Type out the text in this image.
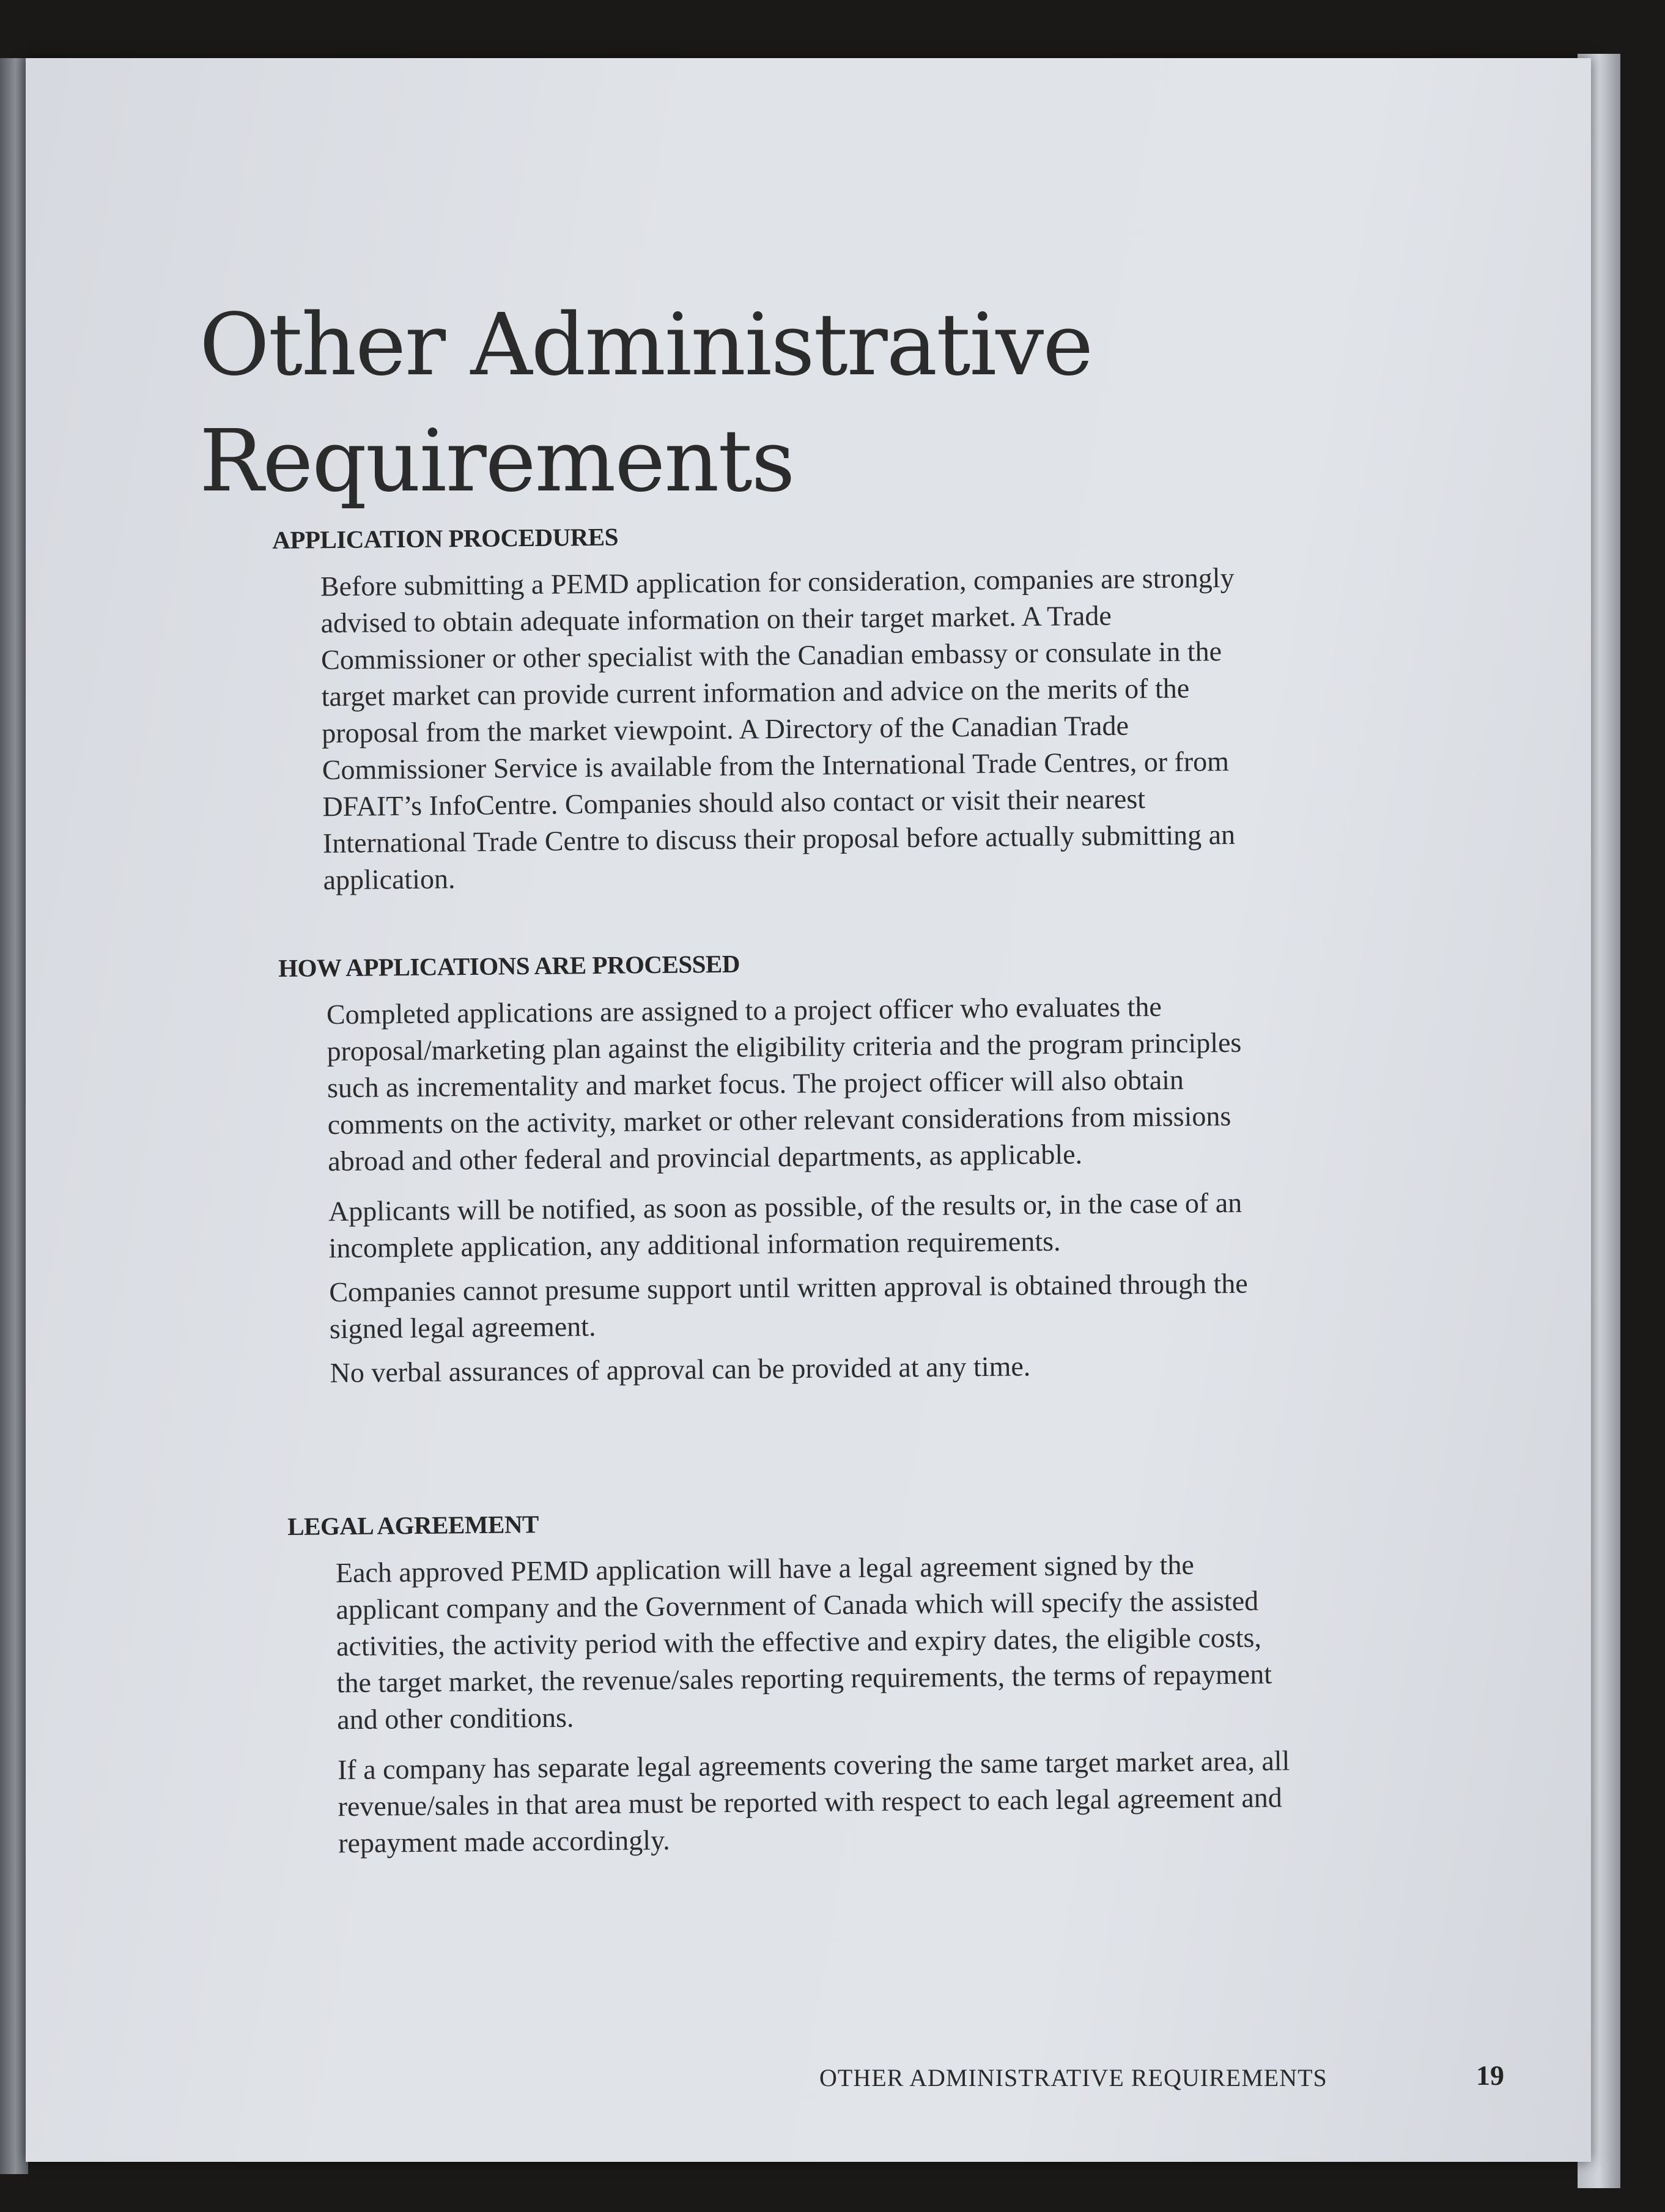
Other Administrative
Requirements
APPLICATION PROCEDURES

Before submitting a PEMD application for consideration, companies are strongly advised to obtain adequate information on their target market. A Trade Commissioner or other specialist with the Canadian embassy or consulate in the target market can provide current information and advice on the merits of the proposal from the market viewpoint. A Directory of the Canadian Trade Commissioner Service is available from the International Trade Centres, or from DFAIT’s InfoCentre. Companies should also contact or visit their nearest International Trade Centre to discuss their proposal before actually submitting an application.

HOW APPLICATIONS ARE PROCESSED

Completed applications are assigned to a project officer who evaluates the proposal/marketing plan against the eligibility criteria and the program principles such as incrementality and market focus. The project officer will also obtain comments on the activity, market or other relevant considerations from missions abroad and other federal and provincial departments, as applicable.

Applicants will be notified, as soon as possible, of the results or, in the case of an incomplete application, any additional information requirements.

Companies cannot presume support until written approval is obtained through the signed legal agreement.

No verbal assurances of approval can be provided at any time.

LEGAL AGREEMENT

Each approved PEMD application will have a legal agreement signed by the applicant company and the Government of Canada which will specify the assisted activities, the activity period with the effective and expiry dates, the eligible costs, the target market, the revenue/sales reporting requirements, the terms of repayment and other conditions.

If a company has separate legal agreements covering the same target market area, all revenue/sales in that area must be reported with respect to each legal agreement and repayment made accordingly.

OTHER ADMINISTRATIVE REQUIREMENTS	19
